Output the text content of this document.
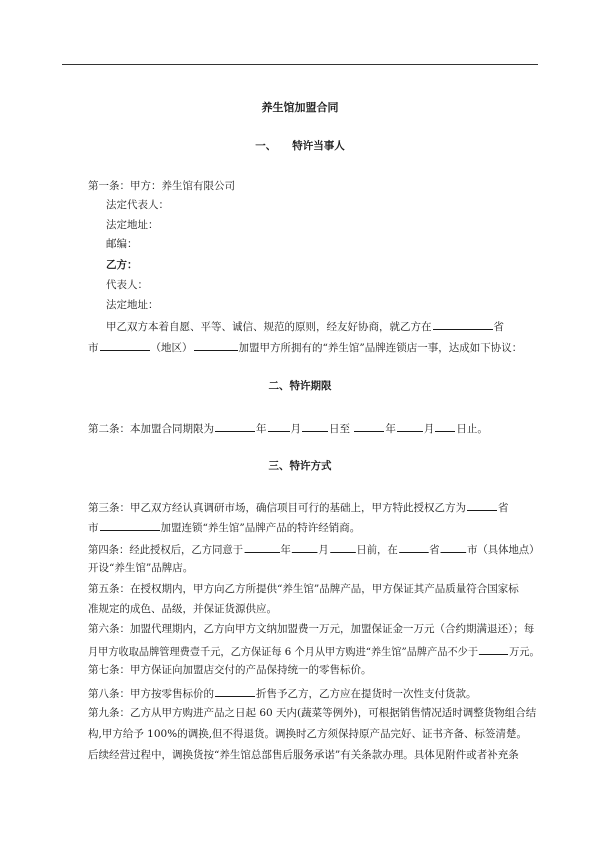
养生馆加盟合同
一、 特许当事人
第一条：甲方：养生馆有限公司
法定代表人：
法定地址：
邮编：
乙方：
代表人：
法定地址：
甲乙双方本着自愿、平等、诚信、规范的原则，经友好协商，就乙方在	省
市	（地区）	加盟甲方所拥有的“养生馆”品牌连锁店一事，达成如下协议：
二、特许期限
第二条：本加盟合同期限为	年 月	日至	年	月 日止。
三、特许方式
第三条：甲乙双方经认真调研市场，确信项目可行的基础上，甲方特此授权乙方为	省
市	加盟连锁“养生馆”品牌产品的特许经销商。
第四条：经此授权后，乙方同意于	年	月	日前，在	省	市（具体地点）
开设“养生馆”品牌店。
第五条：在授权期内，甲方向乙方所提供“养生馆”品牌产品，甲方保证其产品质量符合国家标
准规定的成色、品级，并保证货源供应。
第六条：加盟代理期内，乙方向甲方文纳加盟费一万元，加盟保证金一万元（合约期满退还）；每
月甲方收取品牌管理费壹千元，乙方保证每 6 个月从甲方购进“养生馆”品牌产品不少于	万元。
第七条：甲方保证向加盟店交付的产品保持统一的零售标价。
第八条：甲方按零售标价的	折售予乙方，乙方应在提货时一次性支付货款。
第九条：乙方从甲方购进产品之日起 60 天内(蔬菜等例外)，可根据销售情况适时调整货物组合结
构,甲方给予 100%的调换,但不得退货。调换时乙方须保持原产品完好、证书齐备、标签清楚。
后续经营过程中，调换货按“养生馆总部售后服务承诺”有关条款办理。具体见附件或者补充条
